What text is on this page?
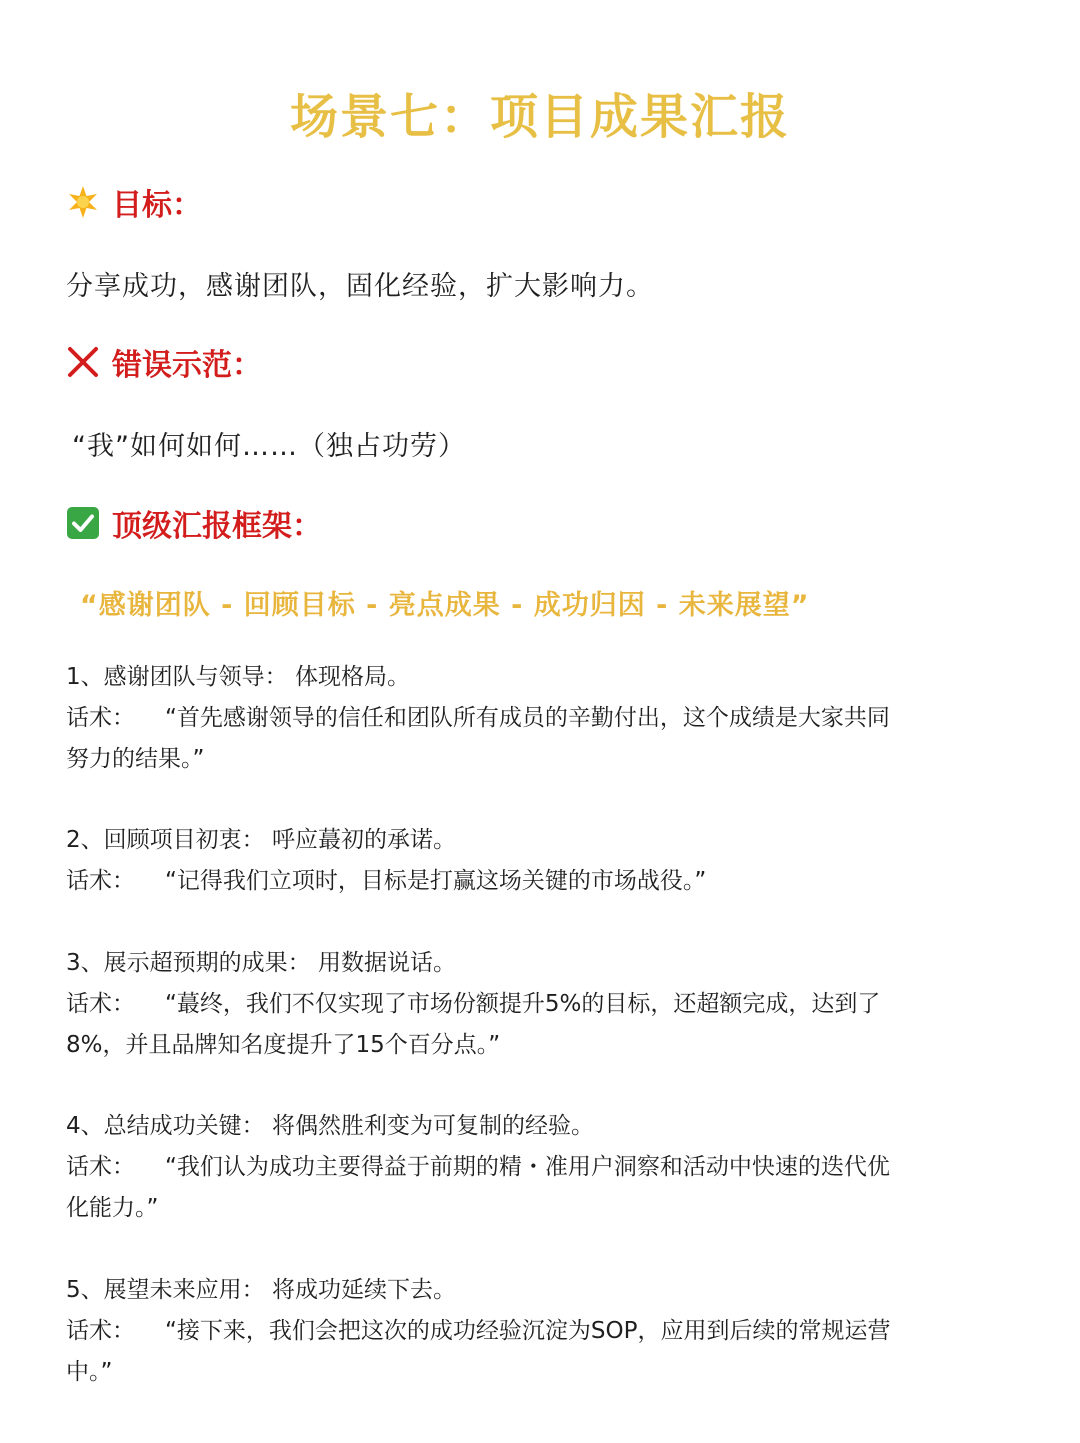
场景七：项目成果汇报
目标：
分享成功，感谢团队，固化经验，扩大影响力。
错误示范：
“我”如何如何……（独占功劳）
顶级汇报框架：
“感谢团队 - 回顾目标 - 亮点成果 - 成功归因 - 未来展望”
1、感谢团队与领导： 体现格局。
话术： “首先感谢领导的信任和团队所有成员的辛勤付出，这个成绩是大家共同
努力的结果。”
2、回顾项目初衷： 呼应蕞初的承诺。
话术： “记得我们立项时，目标是打赢这场关键的市场战役。”
3、展示超预期的成果： 用数据说话。
话术： “蕞终，我们不仅实现了市场份额提升5%的目标，还超额完成，达到了
8%，并且品牌知名度提升了15个百分点。”
4、总结成功关键： 将偶然胜利变为可复制的经验。
话术： “我们认为成功主要得益于前期的精・准用户洞察和活动中快速的迭代优
化能力。”
5、展望未来应用： 将成功延续下去。
话术： “接下来，我们会把这次的成功经验沉淀为SOP，应用到后续的常规运营
中。”
